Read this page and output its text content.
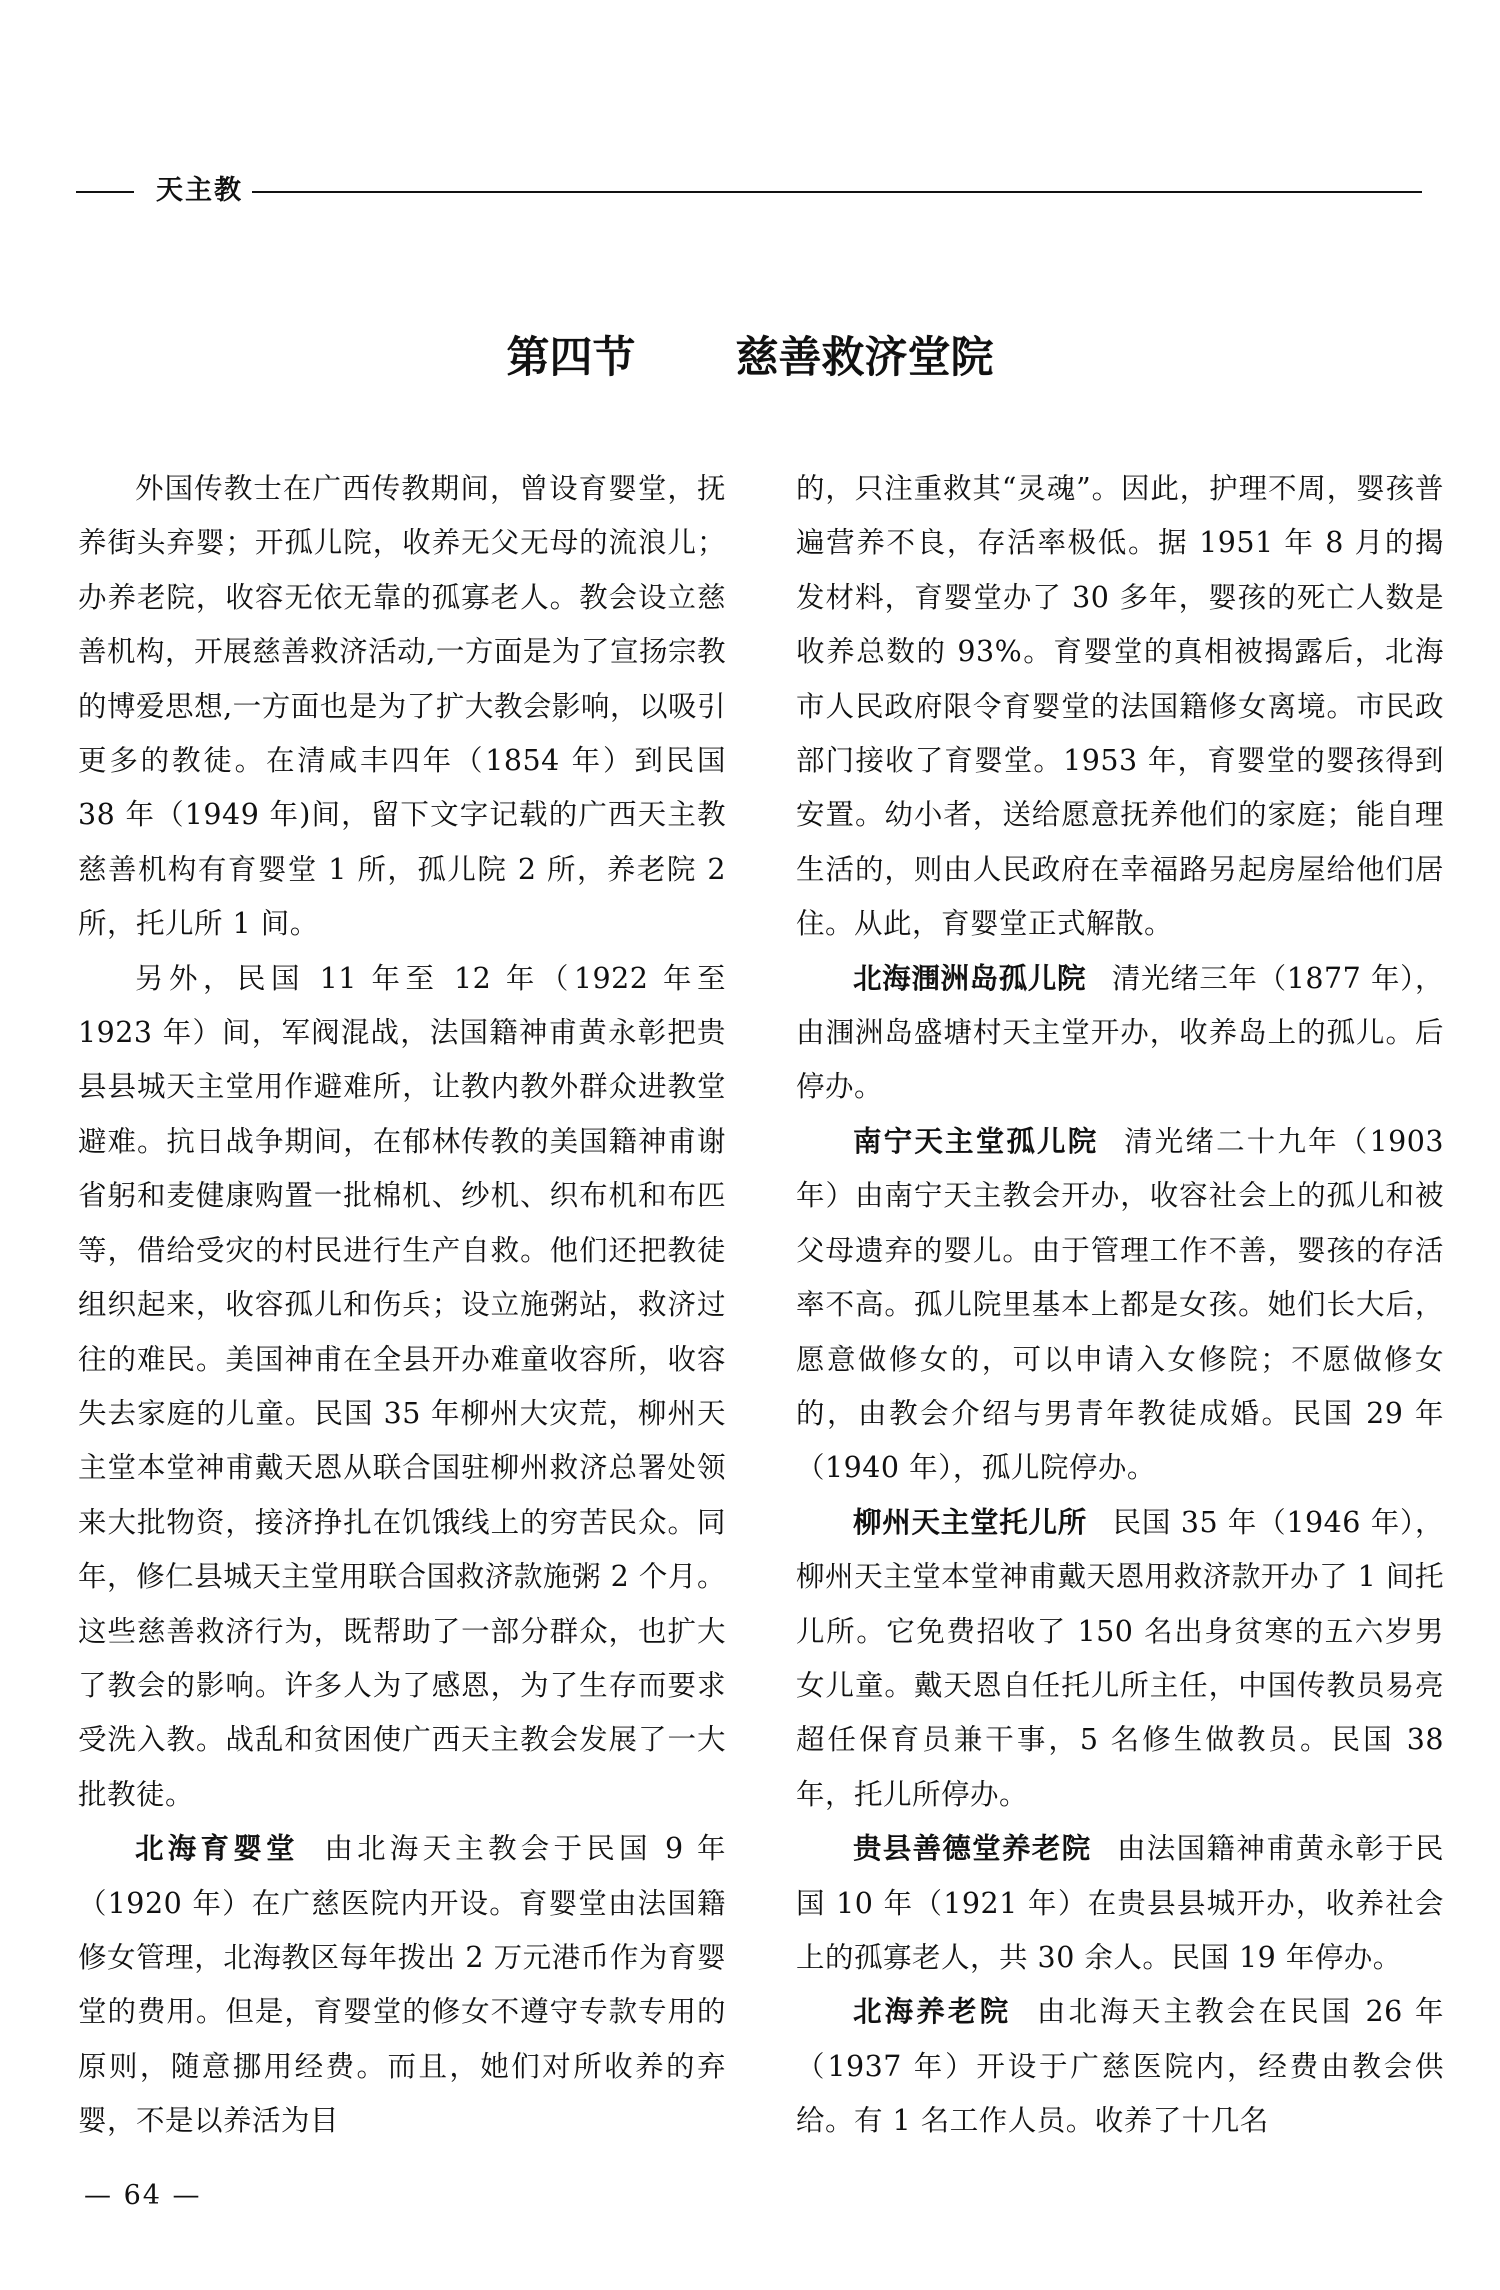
天主教
第四节 慈善救济堂院

外国传教士在广西传教期间，曾设育婴堂，抚养街头弃婴；开孤儿院，收养无父无母的流浪儿；办养老院，收容无依无靠的孤寡老人。教会设立慈善机构，开展慈善救济活动,一方面是为了宣扬宗教的博爱思想,一方面也是为了扩大教会影响，以吸引更多的教徒。在清咸丰四年（1854 年）到民国 38 年（1949 年)间，留下文字记载的广西天主教慈善机构有育婴堂 1 所，孤儿院 2 所，养老院 2 所，托儿所 1 间。

另外，民国 11 年至 12 年（1922 年至 1923 年）间，军阀混战，法国籍神甫黄永彰把贵县县城天主堂用作避难所，让教内教外群众进教堂避难。抗日战争期间，在郁林传教的美国籍神甫谢省躬和麦健康购置一批棉机、纱机、织布机和布匹等，借给受灾的村民进行生产自救。他们还把教徒组织起来，收容孤儿和伤兵；设立施粥站，救济过往的难民。美国神甫在全县开办难童收容所，收容失去家庭的儿童。民国 35 年柳州大灾荒，柳州天主堂本堂神甫戴天恩从联合国驻柳州救济总署处领来大批物资，接济挣扎在饥饿线上的穷苦民众。同年，修仁县城天主堂用联合国救济款施粥 2 个月。这些慈善救济行为，既帮助了一部分群众，也扩大了教会的影响。许多人为了感恩，为了生存而要求受洗入教。战乱和贫困使广西天主教会发展了一大批教徒。

北海育婴堂 由北海天主教会于民国 9 年（1920 年）在广慈医院内开设。育婴堂由法国籍修女管理，北海教区每年拨出 2 万元港币作为育婴堂的费用。但是，育婴堂的修女不遵守专款专用的原则，随意挪用经费。而且，她们对所收养的弃婴，不是以养活为目

的，只注重救其“灵魂”。因此，护理不周，婴孩普遍营养不良，存活率极低。据 1951 年 8 月的揭发材料，育婴堂办了 30 多年，婴孩的死亡人数是收养总数的 93%。育婴堂的真相被揭露后，北海市人民政府限令育婴堂的法国籍修女离境。市民政部门接收了育婴堂。1953 年，育婴堂的婴孩得到安置。幼小者，送给愿意抚养他们的家庭；能自理生活的，则由人民政府在幸福路另起房屋给他们居住。从此，育婴堂正式解散。

北海涠洲岛孤儿院 清光绪三年（1877 年），由涠洲岛盛塘村天主堂开办，收养岛上的孤儿。后停办。

南宁天主堂孤儿院 清光绪二十九年（1903 年）由南宁天主教会开办，收容社会上的孤儿和被父母遗弃的婴儿。由于管理工作不善，婴孩的存活率不高。孤儿院里基本上都是女孩。她们长大后，愿意做修女的，可以申请入女修院；不愿做修女的，由教会介绍与男青年教徒成婚。民国 29 年（1940 年），孤儿院停办。

柳州天主堂托儿所 民国 35 年（1946 年），柳州天主堂本堂神甫戴天恩用救济款开办了 1 间托儿所。它免费招收了 150 名出身贫寒的五六岁男女儿童。戴天恩自任托儿所主任，中国传教员易亮超任保育员兼干事，5 名修生做教员。民国 38 年，托儿所停办。

贵县善德堂养老院 由法国籍神甫黄永彰于民国 10 年（1921 年）在贵县县城开办，收养社会上的孤寡老人，共 30 余人。民国 19 年停办。

北海养老院 由北海天主教会在民国 26 年（1937 年）开设于广慈医院内，经费由教会供给。有 1 名工作人员。收养了十几名

— 64 —
